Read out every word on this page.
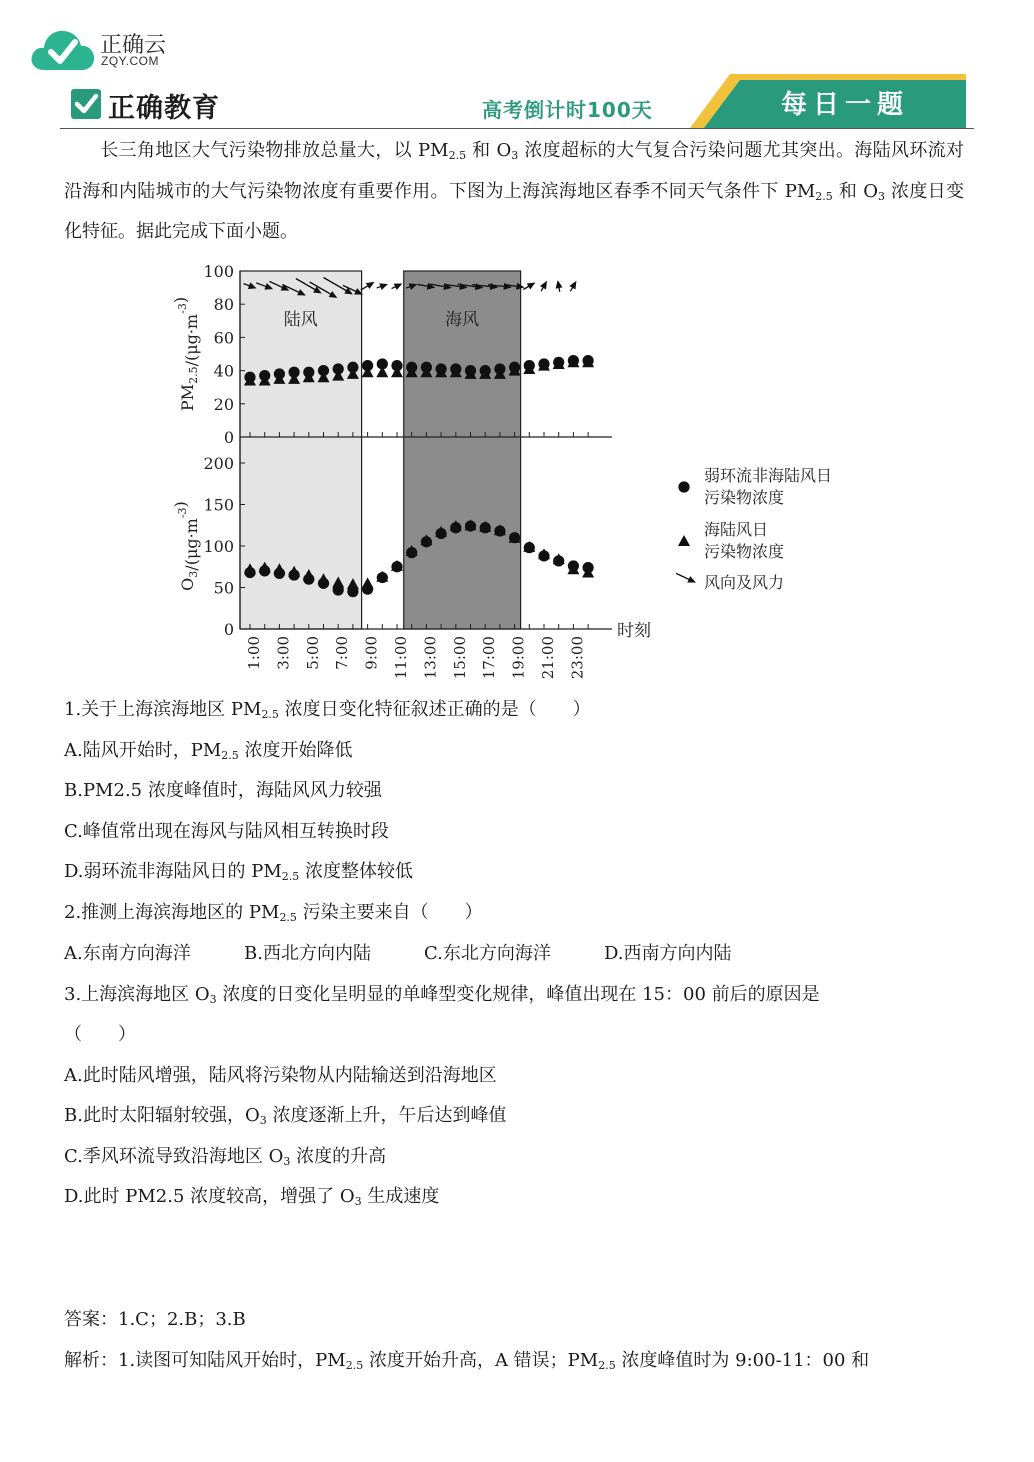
正确云
ZQY.COM
正确教育	高考倒计时100天	每日一题
长三角地区大气污染物排放总量大，以 $PM_{2.5}$ 和 $O_3$ 浓度超标的大气复合污染问题尤其突出。海陆风环流对沿海和内陆城市的大气污染物浓度有重要作用。下图为上海滨海地区春季不同天气条件下 $PM_{2.5}$ 和 $O_3$ 浓度日变化特征。据此完成下面小题。
陆风	海风
0
20
40
60
80
100
0
50
100
150
200
1:00 3:00 5:00 7:00 9:00 11:00 13:00 15:00 17:00 19:00 21:00 23:00
时刻
$PM_{2.5}/(\mu g\cdot m^{-3})$
$O_3/(\mu g\cdot m^{-3})$
弱环流非海陆风日
污染物浓度
海陆风日
污染物浓度
风向及风力
1.关于上海滨海地区 $PM_{2.5}$ 浓度日变化特征叙述正确的是（　　）
A.陆风开始时，$PM_{2.5}$ 浓度开始降低
B.PM2.5 浓度峰值时，海陆风风力较强
C.峰值常出现在海风与陆风相互转换时段
D.弱环流非海陆风日的 $PM_{2.5}$ 浓度整体较低
2.推测上海滨海地区的 $PM_{2.5}$ 污染主要来自（　　）
A.东南方向海洋	B.西北方向内陆	C.东北方向海洋	D.西南方向内陆
3.上海滨海地区 $O_3$ 浓度的日变化呈明显的单峰型变化规律，峰值出现在 15：00 前后的原因是
（　　）
A.此时陆风增强，陆风将污染物从内陆输送到沿海地区
B.此时太阳辐射较强，$O_3$ 浓度逐渐上升，午后达到峰值
C.季风环流导致沿海地区 $O_3$ 浓度的升高
D.此时 PM2.5 浓度较高，增强了 $O_3$ 生成速度
答案：1.C；2.B；3.B
解析：1.读图可知陆风开始时，$PM_{2.5}$ 浓度开始升高，A 错误；$PM_{2.5}$ 浓度峰值时为 9:00-11：00 和
